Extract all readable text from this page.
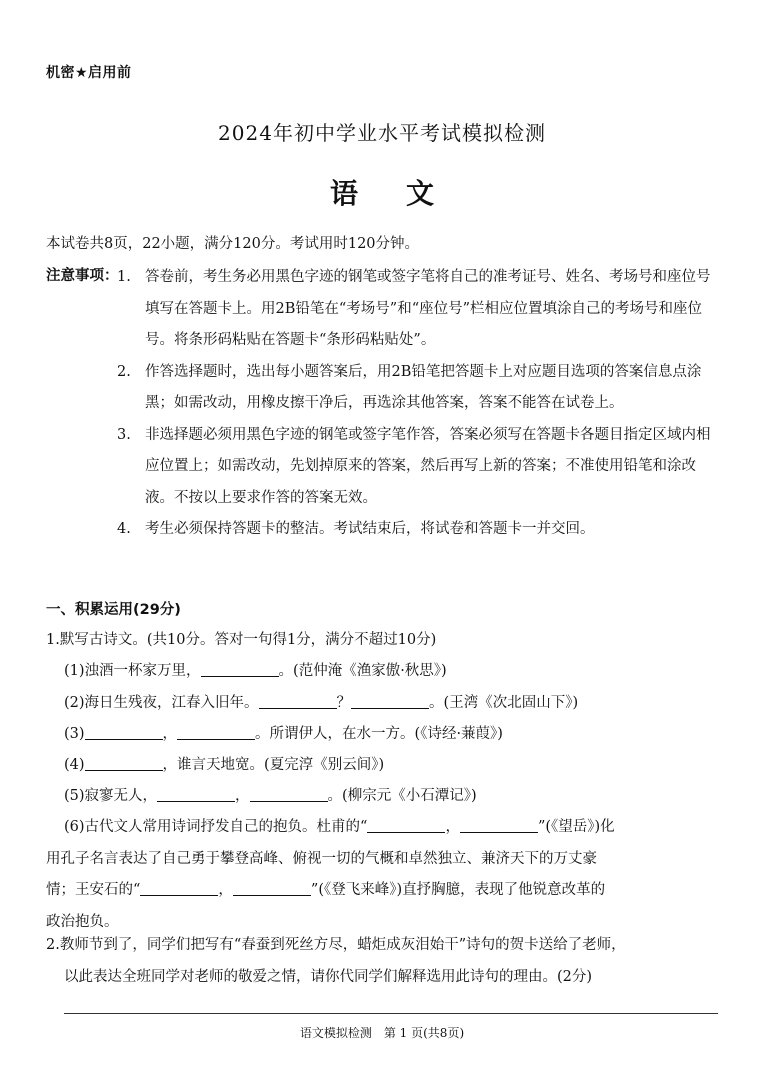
机密★启用前
2024年初中学业水平考试模拟检测
语 文
本试卷共8页，22小题，满分120分。考试用时120分钟。
注意事项：
1. 答卷前，考生务必用黑色字迹的钢笔或签字笔将自己的准考证号、姓名、考场号和座位号填写在答题卡上。用2B铅笔在“考场号”和“座位号”栏相应位置填涂自己的考场号和座位号。将条形码粘贴在答题卡“条形码粘贴处”。
2. 作答选择题时，选出每小题答案后，用2B铅笔把答题卡上对应题目选项的答案信息点涂黑；如需改动，用橡皮擦干净后，再选涂其他答案，答案不能答在试卷上。
3. 非选择题必须用黑色字迹的钢笔或签字笔作答，答案必须写在答题卡各题目指定区域内相应位置上；如需改动，先划掉原来的答案，然后再写上新的答案；不准使用铅笔和涂改液。不按以上要求作答的答案无效。
4. 考生必须保持答题卡的整洁。考试结束后，将试卷和答题卡一并交回。
一、积累运用(29分)
1.默写古诗文。(共10分。答对一句得1分，满分不超过10分)
(1)浊酒一杯家万里，	。(范仲淹《渔家傲·秋思》)
(2)海日生残夜，江春入旧年。	？	。(王湾《次北固山下》)
(3)	，	。所谓伊人，在水一方。(《诗经·蒹葭》)
(4)	，谁言天地宽。(夏完淳《别云间》)
(5)寂寥无人，	，	。(柳宗元《小石潭记》)
(6)古代文人常用诗词抒发自己的抱负。杜甫的“	，	”(《望岳》)化
用孔子名言表达了自己勇于攀登高峰、俯视一切的气概和卓然独立、兼济天下的万丈豪
情；王安石的“	，	”(《登飞来峰》)直抒胸臆，表现了他锐意改革的
政治抱负。
2.教师节到了，同学们把写有“春蚕到死丝方尽，蜡炬成灰泪始干”诗句的贺卡送给了老师，
以此表达全班同学对老师的敬爱之情，请你代同学们解释选用此诗句的理由。(2分)
语文模拟检测　第 1 页(共8页)
